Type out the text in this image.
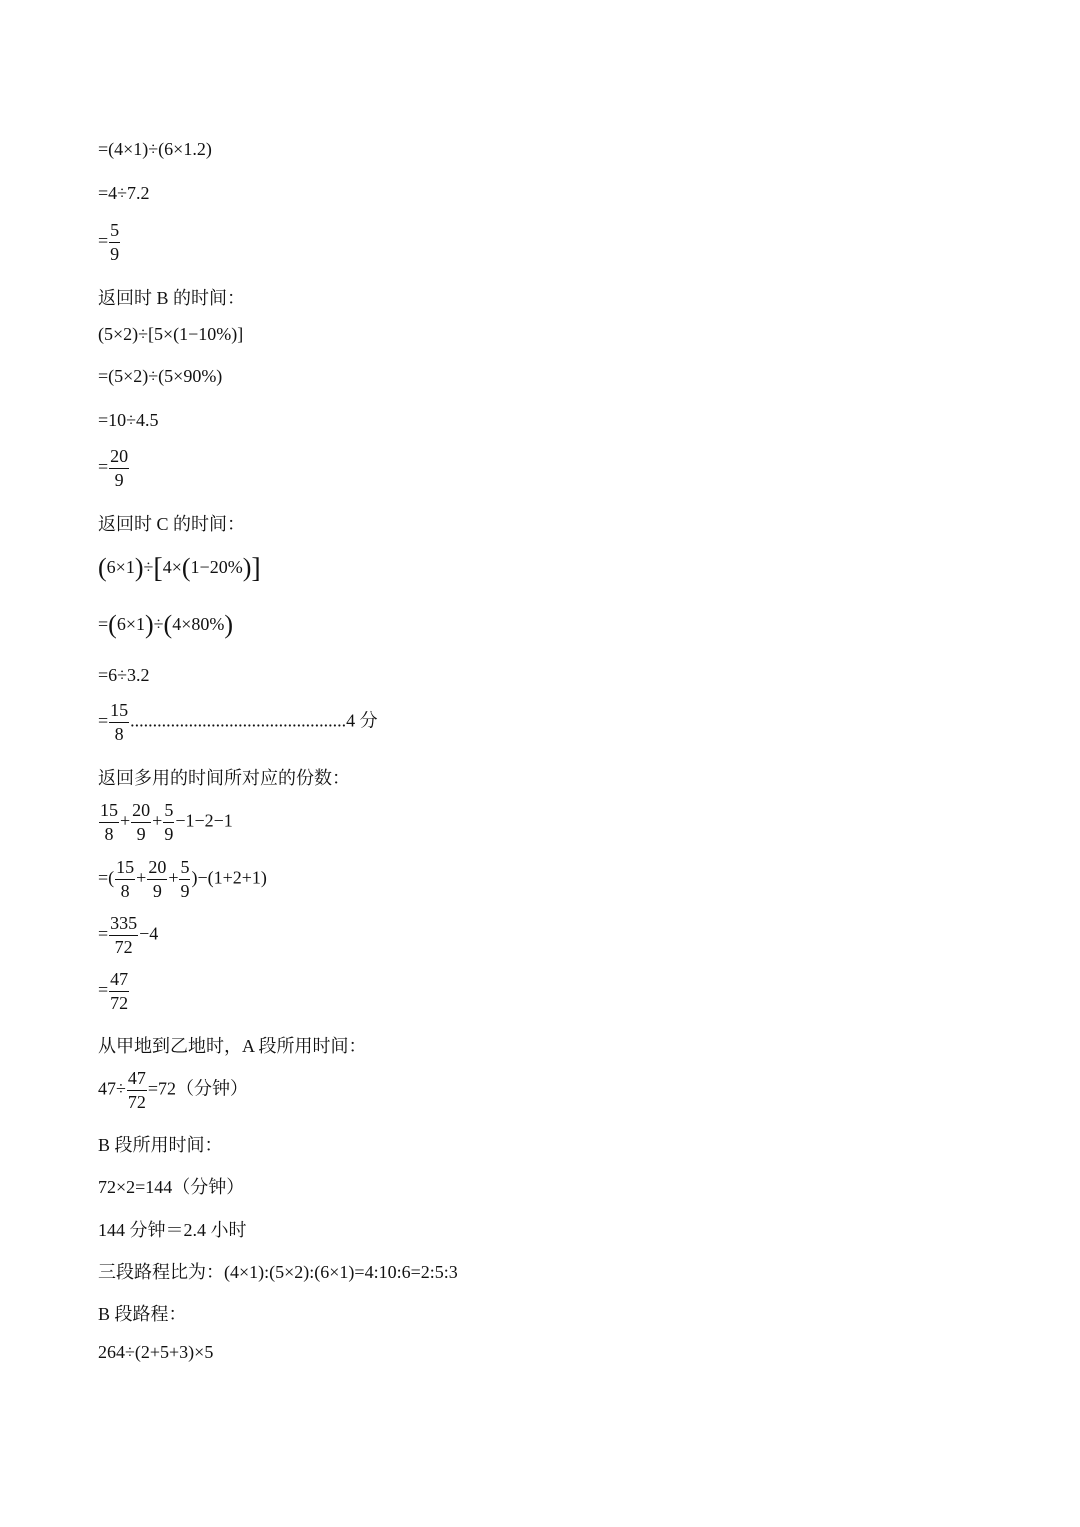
=(4×1)÷(6×1.2)
=4÷7.2
= $\frac{5}{9}$
返回时 B 的时间：
(5×2)÷[5×(1−10%)]
=(5×2)÷(5×90%)
=10÷4.5
= $\frac{20}{9}$
返回时 C 的时间：
(6×1)÷[4×(1−20%)]
=(6×1)÷(4×80%)
=6÷3.2
= $\frac{15}{8} ................................................4$ 分
返回多用的时间所对应的份数：
$\frac{15}{8} + \frac{20}{9} + \frac{5}{9} -1-2-1$
=( $\frac{15}{8} + \frac{20}{9} + \frac{5}{9} )-(1+2+1)$
= $\frac{335}{72} -4$
= $\frac{47}{72}$
从甲地到乙地时，A 段所用时间：
$47\div \frac{47}{72} =72$（分钟）
B 段所用时间：
72×2=144（分钟）
144 分钟＝2.4 小时
三段路程比为：(4×1):(5×2):(6×1)=4:10:6=2:5:3
B 段路程：
264÷(2+5+3)×5
